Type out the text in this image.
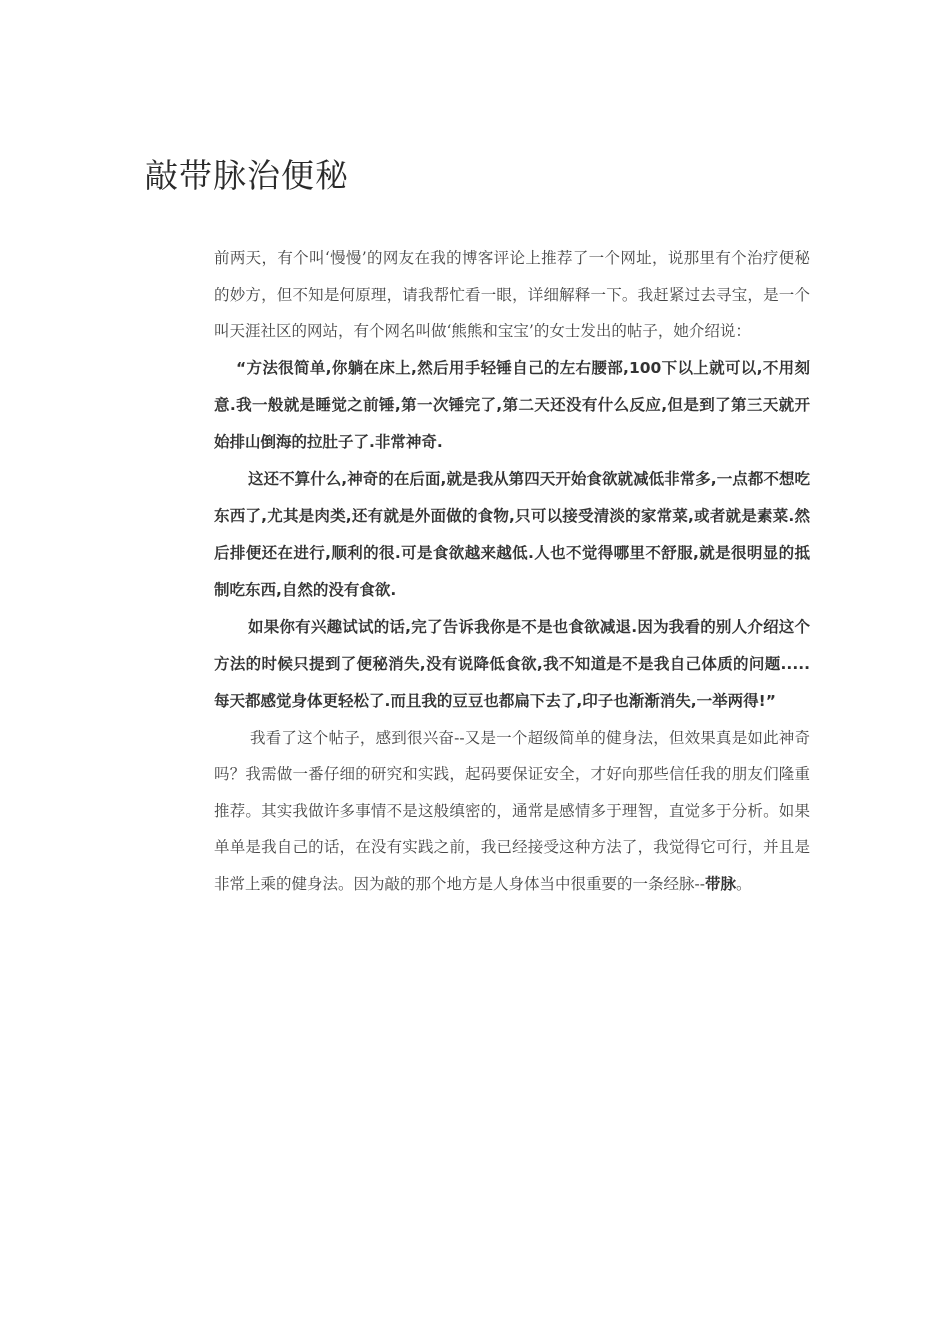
敲带脉治便秘

前两天，有个叫‘慢慢’的网友在我的博客评论上推荐了一个网址，说那里有个治疗便秘的妙方，但不知是何原理，请我帮忙看一眼，详细解释一下。我赶紧过去寻宝，是一个叫天涯社区的网站，有个网名叫做‘熊熊和宝宝’的女士发出的帖子，她介绍说：

“方法很简单,你躺在床上,然后用手轻锤自己的左右腰部,100下以上就可以,不用刻意.我一般就是睡觉之前锤,第一次锤完了,第二天还没有什么反应,但是到了第三天就开始排山倒海的拉肚子了.非常神奇.

这还不算什么,神奇的在后面,就是我从第四天开始食欲就减低非常多,一点都不想吃东西了,尤其是肉类,还有就是外面做的食物,只可以接受清淡的家常菜,或者就是素菜.然后排便还在进行,顺利的很.可是食欲越来越低.人也不觉得哪里不舒服,就是很明显的抵制吃东西,自然的没有食欲.

如果你有兴趣试试的话,完了告诉我你是不是也食欲减退.因为我看的别人介绍这个方法的时候只提到了便秘消失,没有说降低食欲,我不知道是不是我自己体质的问题.....每天都感觉身体更轻松了.而且我的豆豆也都扁下去了,印子也渐渐消失,一举两得!”

我看了这个帖子，感到很兴奋--又是一个超级简单的健身法，但效果真是如此神奇吗？我需做一番仔细的研究和实践，起码要保证安全，才好向那些信任我的朋友们隆重推荐。其实我做许多事情不是这般缜密的，通常是感情多于理智，直觉多于分析。如果单单是我自己的话，在没有实践之前，我已经接受这种方法了，我觉得它可行，并且是非常上乘的健身法。因为敲的那个地方是人身体当中很重要的一条经脉--带脉。
